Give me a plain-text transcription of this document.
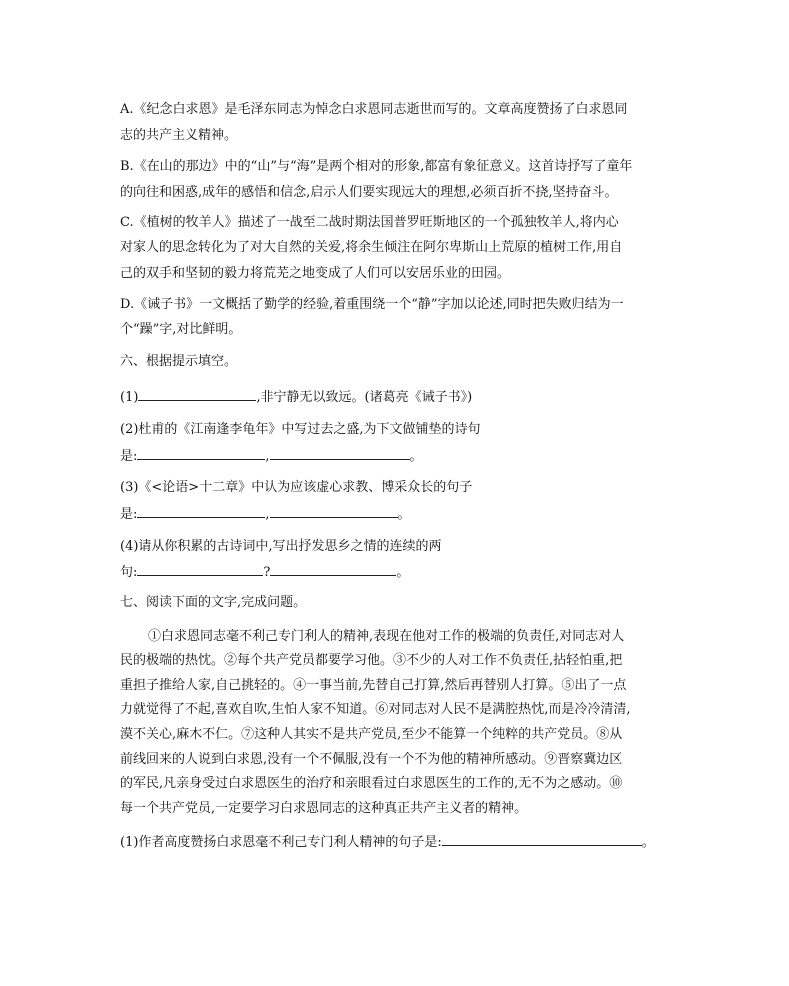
A.《纪念白求恩》是毛泽东同志为悼念白求恩同志逝世而写的。文章高度赞扬了白求恩同
志的共产主义精神。
B.《在山的那边》中的“山”与“海”是两个相对的形象,都富有象征意义。这首诗抒写了童年
的向往和困惑,成年的感悟和信念,启示人们要实现远大的理想,必须百折不挠,坚持奋斗。
C.《植树的牧羊人》描述了一战至二战时期法国普罗旺斯地区的一个孤独牧羊人,将内心
对家人的思念转化为了对大自然的关爱,将余生倾注在阿尔卑斯山上荒原的植树工作,用自
己的双手和坚韧的毅力将荒芜之地变成了人们可以安居乐业的田园。
D.《诫子书》一文概括了勤学的经验,着重围绕一个“静”字加以论述,同时把失败归结为一
个“躁”字,对比鲜明。
六、根据提示填空。
(1)	,非宁静无以致远。(诸葛亮《诫子书》)
(2)杜甫的《江南逢李龟年》中写过去之盛,为下文做铺垫的诗句
是:	,	。
(3)《<论语>十二章》中认为应该虚心求教、博采众长的句子
是:	,	。
(4)请从你积累的古诗词中,写出抒发思乡之情的连续的两
句:	?	。
七、阅读下面的文字,完成问题。
①白求恩同志毫不利己专门利人的精神,表现在他对工作的极端的负责任,对同志对人
民的极端的热忱。②每个共产党员都要学习他。③不少的人对工作不负责任,拈轻怕重,把
重担子推给人家,自己挑轻的。④一事当前,先替自己打算,然后再替别人打算。⑤出了一点
力就觉得了不起,喜欢自吹,生怕人家不知道。⑥对同志对人民不是满腔热忱,而是冷冷清清,
漠不关心,麻木不仁。⑦这种人其实不是共产党员,至少不能算一个纯粹的共产党员。⑧从
前线回来的人说到白求恩,没有一个不佩服,没有一个不为他的精神所感动。⑨晋察冀边区
的军民,凡亲身受过白求恩医生的治疗和亲眼看过白求恩医生的工作的,无不为之感动。⑩
每一个共产党员,一定要学习白求恩同志的这种真正共产主义者的精神。
(1)作者高度赞扬白求恩毫不利己专门利人精神的句子是:	。
